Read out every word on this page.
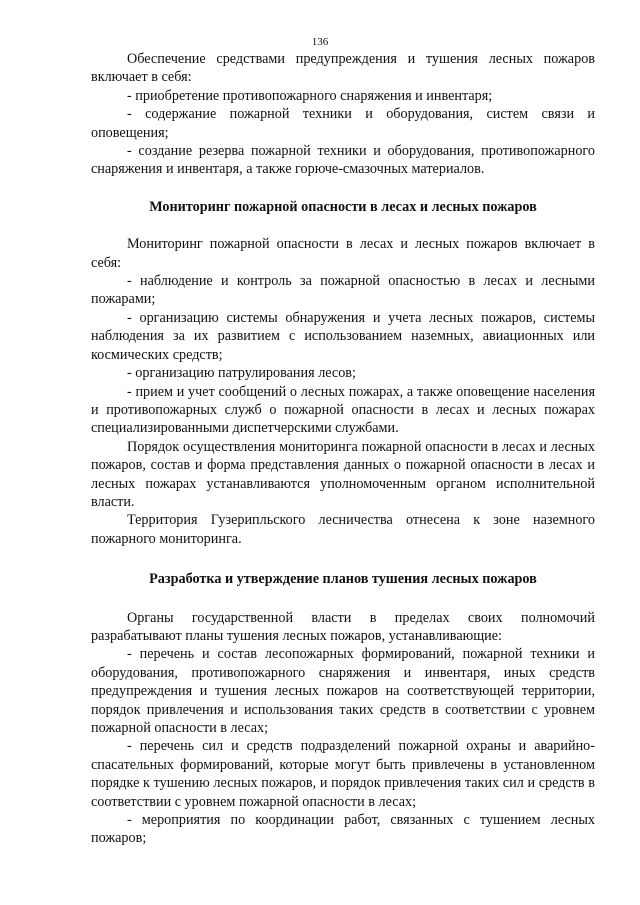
136

Обеспечение средствами предупреждения и тушения лесных пожаров включает в себя:

- приобретение противопожарного снаряжения и инвентаря;

- содержание пожарной техники и оборудования, систем связи и оповещения;

- создание резерва пожарной техники и оборудования, противопожарного снаряжения и инвентаря, а также горюче-смазочных материалов.

Мониторинг пожарной опасности в лесах и лесных пожаров

Мониторинг пожарной опасности в лесах и лесных пожаров включает в себя:

- наблюдение и контроль за пожарной опасностью в лесах и лесными пожарами;

- организацию системы обнаружения и учета лесных пожаров, системы наблюдения за их развитием с использованием наземных, авиационных или космических средств;

- организацию патрулирования лесов;

- прием и учет сообщений о лесных пожарах, а также оповещение населения и противопожарных служб о пожарной опасности в лесах и лесных пожарах специализированными диспетчерскими службами.

Порядок осуществления мониторинга пожарной опасности в лесах и лесных пожаров, состав и форма представления данных о пожарной опасности в лесах и лесных пожарах устанавливаются уполномоченным органом исполнительной власти.

Территория Гузерипльского лесничества отнесена к зоне наземного пожарного мониторинга.

Разработка и утверждение планов тушения лесных пожаров

Органы государственной власти в пределах своих полномочий разрабатывают планы тушения лесных пожаров, устанавливающие:

- перечень и состав лесопожарных формирований, пожарной техники и оборудования, противопожарного снаряжения и инвентаря, иных средств предупреждения и тушения лесных пожаров на соответствующей территории, порядок привлечения и использования таких средств в соответствии с уровнем пожарной опасности в лесах;

- перечень сил и средств подразделений пожарной охраны и аварийно-спасательных формирований, которые могут быть привлечены в установленном порядке к тушению лесных пожаров, и порядок привлечения таких сил и средств в соответствии с уровнем пожарной опасности в лесах;

- мероприятия по координации работ, связанных с тушением лесных пожаров;
